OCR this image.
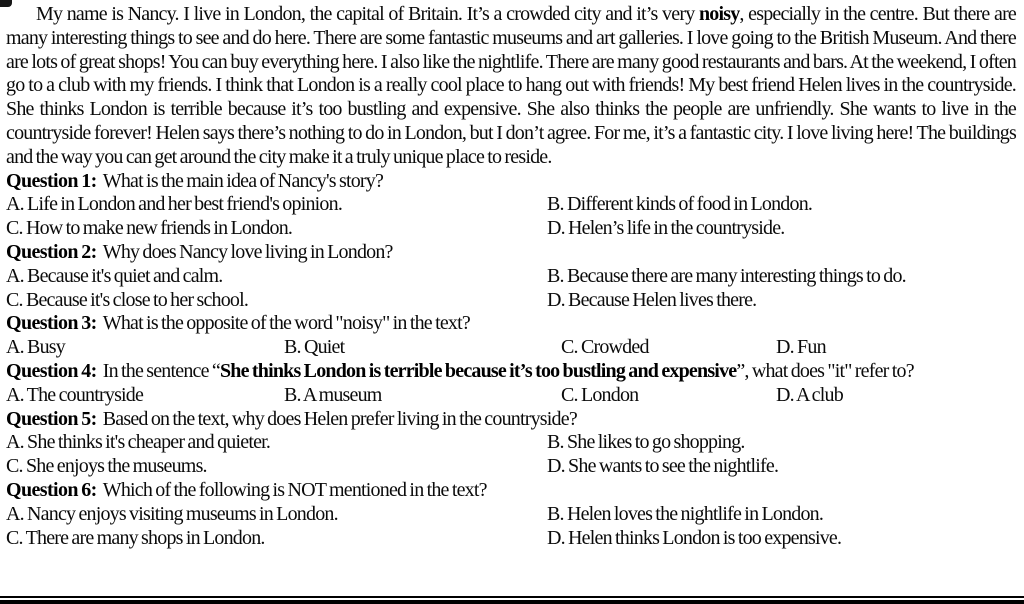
My name is Nancy. I live in London, the capital of Britain. It’s a crowded city and it’s very noisy, especially in the centre. But there are many interesting things to see and do here. There are some fantastic museums and art galleries. I love going to the British Museum. And there are lots of great shops! You can buy everything here. I also like the nightlife. There are many good restaurants and bars. At the weekend, I often go to a club with my friends. I think that London is a really cool place to hang out with friends! My best friend Helen lives in the countryside. She thinks London is terrible because it’s too bustling and expensive. She also thinks the people are unfriendly. She wants to live in the countryside forever! Helen says there’s nothing to do in London, but I don’t agree. For me, it’s a fantastic city. I love living here! The buildings and the way you can get around the city make it a truly unique place to reside.

Question 1: What is the main idea of Nancy's story?
A. Life in London and her best friend's opinion.	B. Different kinds of food in London.
C. How to make new friends in London.	D. Helen’s life in the countryside.
Question 2: Why does Nancy love living in London?
A. Because it's quiet and calm.	B. Because there are many interesting things to do.
C. Because it's close to her school.	D. Because Helen lives there.
Question 3: What is the opposite of the word "noisy" in the text?
A. Busy	B. Quiet	C. Crowded	D. Fun
Question 4: In the sentence “She thinks London is terrible because it’s too bustling and expensive”, what does "it" refer to?
A. The countryside	B. A museum	C. London	D. A club
Question 5: Based on the text, why does Helen prefer living in the countryside?
A. She thinks it's cheaper and quieter.	B. She likes to go shopping.
C. She enjoys the museums.	D. She wants to see the nightlife.
Question 6: Which of the following is NOT mentioned in the text?
A. Nancy enjoys visiting museums in London.	B. Helen loves the nightlife in London.
C. There are many shops in London.	D. Helen thinks London is too expensive.
